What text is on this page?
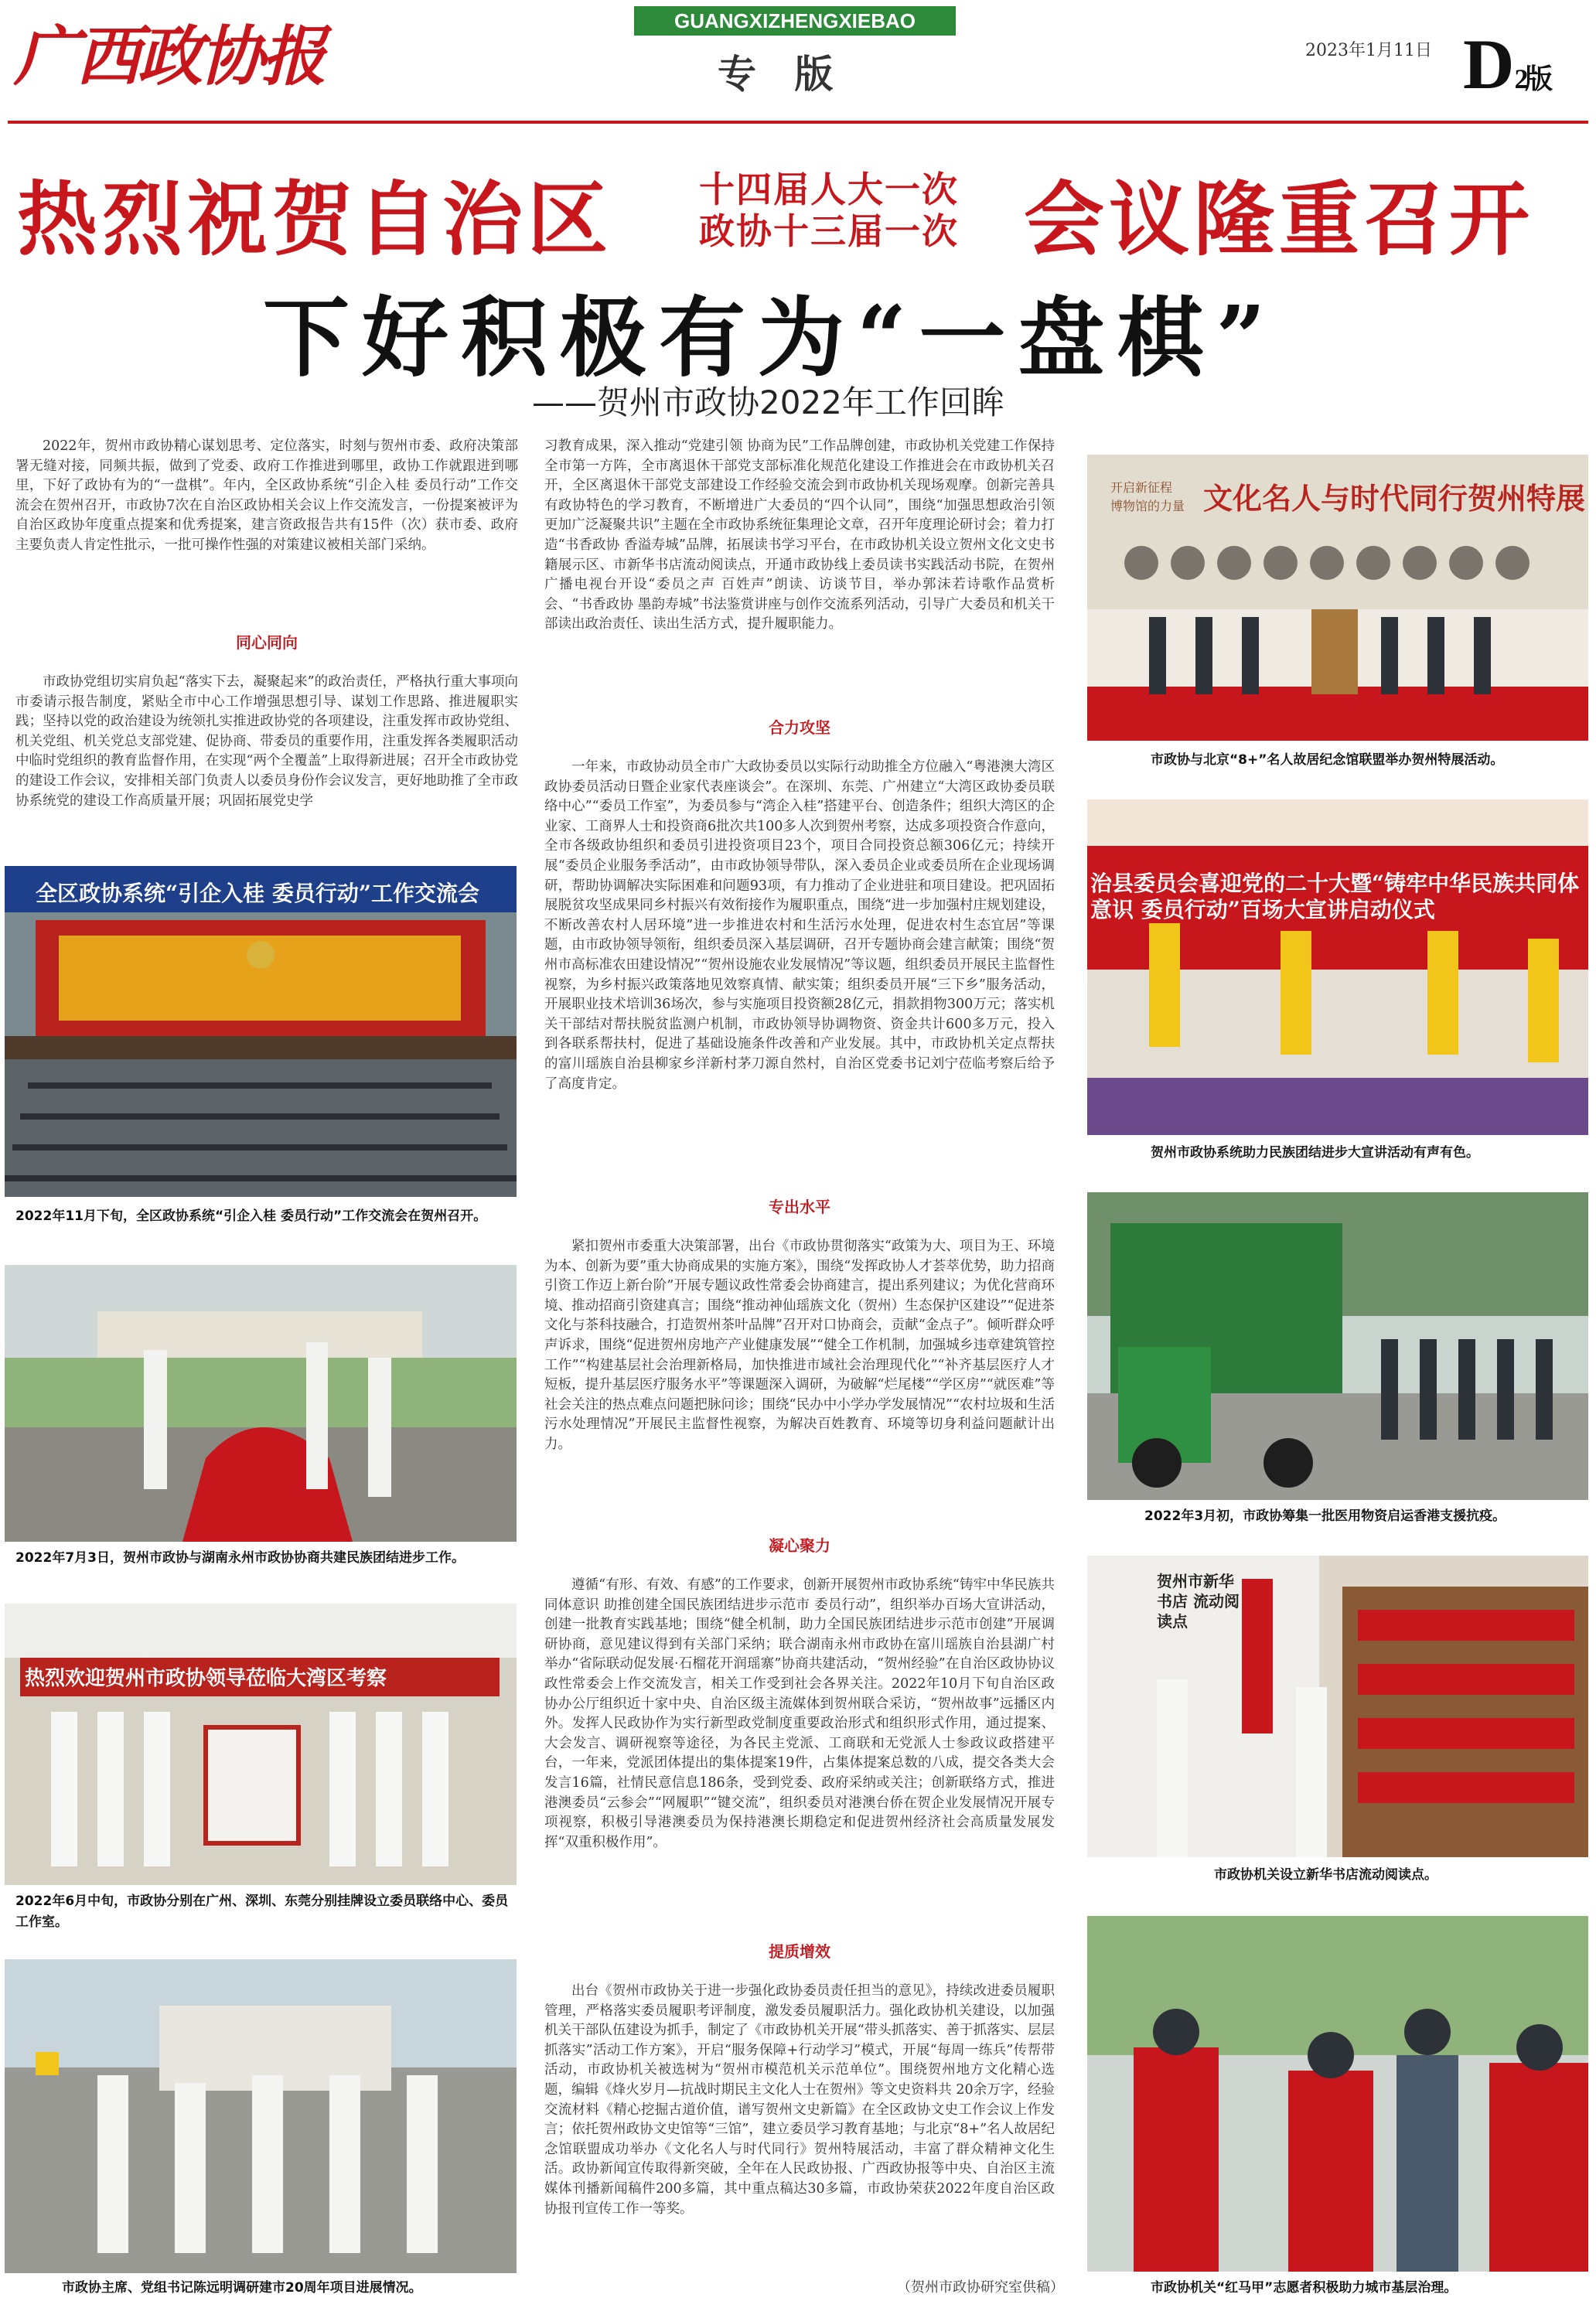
广西政协报	GUANGXIZHENGXIEBAO
专 版
2023年1月11日 D2
版
热烈祝贺自治区 十四届人大一次
政协十三届一次 会议隆重召开
下好积极有为“一盘棋”
——贺州市政协2022年工作回眸

2022年，贺州市政协精心谋划思考、定位落实，时刻与贺州市委、政府决策部署无缝对接，同频共振，做到了党委、政府工作推进到哪里，政协工作就跟进到哪里，下好了政协有为的“一盘棋”。年内，全区政协系统“引企入桂 委员行动”工作交流会在贺州召开，市政协7次在自治区政协相关会议上作交流发言，一份提案被评为自治区政协年度重点提案和优秀提案，建言资政报告共有15件（次）获市委、政府主要负责人肯定性批示，一批可操作性强的对策建议被相关部门采纳。

同心同向

市政协党组切实肩负起“落实下去，凝聚起来”的政治责任，严格执行重大事项向市委请示报告制度，紧贴全市中心工作增强思想引导、谋划工作思路、推进履职实践；坚持以党的政治建设为统领扎实推进政协党的各项建设，注重发挥市政协党组、机关党组、机关党总支部党建、促协商、带委员的重要作用，注重发挥各类履职活动中临时党组织的教育监督作用，在实现“两个全覆盖”上取得新进展；召开全市政协党的建设工作会议，安排相关部门负责人以委员身份作会议发言，更好地助推了全市政协系统党的建设工作高质量开展；巩固拓展党史学

全区政协系统“引企入桂 委员行动”工作交流会
2022年11月下旬，全区政协系统“引企入桂 委员行动”工作交流会在贺州召开。
2022年7月3日，贺州市政协与湖南永州市政协协商共建民族团结进步工作。
热烈欢迎贺州市政协领导莅临大湾区考察
2022年6月中旬，市政协分别在广州、深圳、东莞分别挂牌设立委员联络中心、委员工作室。
市政协主席、党组书记陈远明调研建市20周年项目进展情况。

习教育成果，深入推动“党建引领 协商为民”工作品牌创建，市政协机关党建工作保持全市第一方阵，全市离退休干部党支部标准化规范化建设工作推进会在市政协机关召开，全区离退休干部党支部建设工作经验交流会到市政协机关现场观摩。创新完善具有政协特色的学习教育，不断增进广大委员的“四个认同”，围绕“加强思想政治引领 更加广泛凝聚共识”主题在全市政协系统征集理论文章，召开年度理论研讨会；着力打造“书香政协 香溢寿城”品牌，拓展读书学习平台，在市政协机关设立贺州文化文史书籍展示区、市新华书店流动阅读点，开通市政协线上委员读书实践活动书院，在贺州广播电视台开设“委员之声 百姓声”朗读、访谈节目，举办郭沫若诗歌作品赏析会、“书香政协 墨韵寿城”书法鉴赏讲座与创作交流系列活动，引导广大委员和机关干部读出政治责任、读出生活方式，提升履职能力。

合力攻坚

一年来，市政协动员全市广大政协委员以实际行动助推全方位融入“粤港澳大湾区政协委员活动日暨企业家代表座谈会”。在深圳、东莞、广州建立“大湾区政协委员联络中心”“委员工作室”，为委员参与“湾企入桂”搭建平台、创造条件；组织大湾区的企业家、工商界人士和投资商6批次共100多人次到贺州考察，达成多项投资合作意向，全市各级政协组织和委员引进投资项目23个，项目合同投资总额306亿元；持续开展“委员企业服务季活动”，由市政协领导带队，深入委员企业或委员所在企业现场调研，帮助协调解决实际困难和问题93项，有力推动了企业进驻和项目建设。把巩固拓展脱贫攻坚成果同乡村振兴有效衔接作为履职重点，围绕“进一步加强村庄规划建设，不断改善农村人居环境”进一步推进农村和生活污水处理，促进农村生态宜居”等课题，由市政协领导领衔，组织委员深入基层调研，召开专题协商会建言献策；围绕“贺州市高标准农田建设情况”“贺州设施农业发展情况”等议题，组织委员开展民主监督性视察，为乡村振兴政策落地见效察真情、献实策；组织委员开展“三下乡”服务活动，开展职业技术培训36场次，参与实施项目投资额28亿元，捐款捐物300万元；落实机关干部结对帮扶脱贫监测户机制，市政协领导协调物资、资金共计600多万元，投入到各联系帮扶村，促进了基础设施条件改善和产业发展。其中，市政协机关定点帮扶的富川瑶族自治县柳家乡洋新村茅刀源自然村，自治区党委书记刘宁莅临考察后给予了高度肯定。

专出水平

紧扣贺州市委重大决策部署，出台《市政协贯彻落实“政策为大、项目为王、环境为本、创新为要”重大协商成果的实施方案》，围绕“发挥政协人才荟萃优势，助力招商引资工作迈上新台阶”开展专题议政性常委会协商建言，提出系列建议；为优化营商环境、推动招商引资建真言；围绕“推动神仙瑶族文化（贺州）生态保护区建设”“促进茶文化与茶科技融合，打造贺州茶叶品牌”召开对口协商会，贡献“金点子”。倾听群众呼声诉求，围绕“促进贺州房地产产业健康发展”“健全工作机制，加强城乡违章建筑管控工作”“构建基层社会治理新格局，加快推进市域社会治理现代化”“补齐基层医疗人才短板，提升基层医疗服务水平”等课题深入调研，为破解“烂尾楼”“学区房”“就医难”等社会关注的热点难点问题把脉问诊；围绕“民办中小学办学发展情况”“农村垃圾和生活污水处理情况”开展民主监督性视察，为解决百姓教育、环境等切身利益问题献计出力。

凝心聚力

遵循“有形、有效、有感”的工作要求，创新开展贺州市政协系统“铸牢中华民族共同体意识 助推创建全国民族团结进步示范市 委员行动”，组织举办百场大宣讲活动，创建一批教育实践基地；围绕“健全机制，助力全国民族团结进步示范市创建”开展调研协商，意见建议得到有关部门采纳；联合湖南永州市政协在富川瑶族自治县湖广村举办“省际联动促发展·石榴花开润瑶寨”协商共建活动，“贺州经验”在自治区政协协议政性常委会上作交流发言，相关工作受到社会各界关注。2022年10月下旬自治区政协办公厅组织近十家中央、自治区级主流媒体到贺州联合采访，“贺州故事”远播区内外。发挥人民政协作为实行新型政党制度重要政治形式和组织形式作用，通过提案、大会发言、调研视察等途径，为各民主党派、工商联和无党派人士参政议政搭建平台，一年来，党派团体提出的集体提案19件，占集体提案总数的八成，提交各类大会发言16篇，社情民意信息186条，受到党委、政府采纳或关注；创新联络方式，推进港澳委员“云参会”“网履职”“键交流”，组织委员对港澳台侨在贺企业发展情况开展专项视察，积极引导港澳委员为保持港澳长期稳定和促进贺州经济社会高质量发展发挥“双重积极作用”。

提质增效

出台《贺州市政协关于进一步强化政协委员责任担当的意见》，持续改进委员履职管理，严格落实委员履职考评制度，激发委员履职活力。强化政协机关建设，以加强机关干部队伍建设为抓手，制定了《市政协机关开展“带头抓落实、善于抓落实、层层抓落实”活动工作方案》，开启“服务保障+行动学习”模式，开展“每周一练兵”传帮带活动，市政协机关被选树为“贺州市模范机关示范单位”。围绕贺州地方文化精心选题，编辑《烽火岁月—抗战时期民主文化人士在贺州》等文史资料共 20余万字，经验交流材料《精心挖掘古道价值，谱写贺州文史新篇》在全区政协文史工作会议上作发言；依托贺州政协文史馆等“三馆”，建立委员学习教育基地；与北京“8+”名人故居纪念馆联盟成功举办《文化名人与时代同行》贺州特展活动，丰富了群众精神文化生活。政协新闻宣传取得新突破，全年在人民政协报、广西政协报等中央、自治区主流媒体刊播新闻稿件200多篇，其中重点稿达30多篇，市政协荣获2022年度自治区政协报刊宣传工作一等奖。

（贺州市政协研究室供稿）
开启新征程
博物馆的力量 文化名人与时代同行贺州特展
市政协与北京“8+”名人故居纪念馆联盟举办贺州特展活动。
治县委员会喜迎党的二十大暨“铸牢中华民族共同体意识 委员行动”百场大宣讲启动仪式
贺州市政协系统助力民族团结进步大宣讲活动有声有色。
2022年3月初，市政协筹集一批医用物资启运香港支援抗疫。
贺州市新华书店 流动阅读点
市政协机关设立新华书店流动阅读点。
市政协机关“红马甲”志愿者积极助力城市基层治理。
